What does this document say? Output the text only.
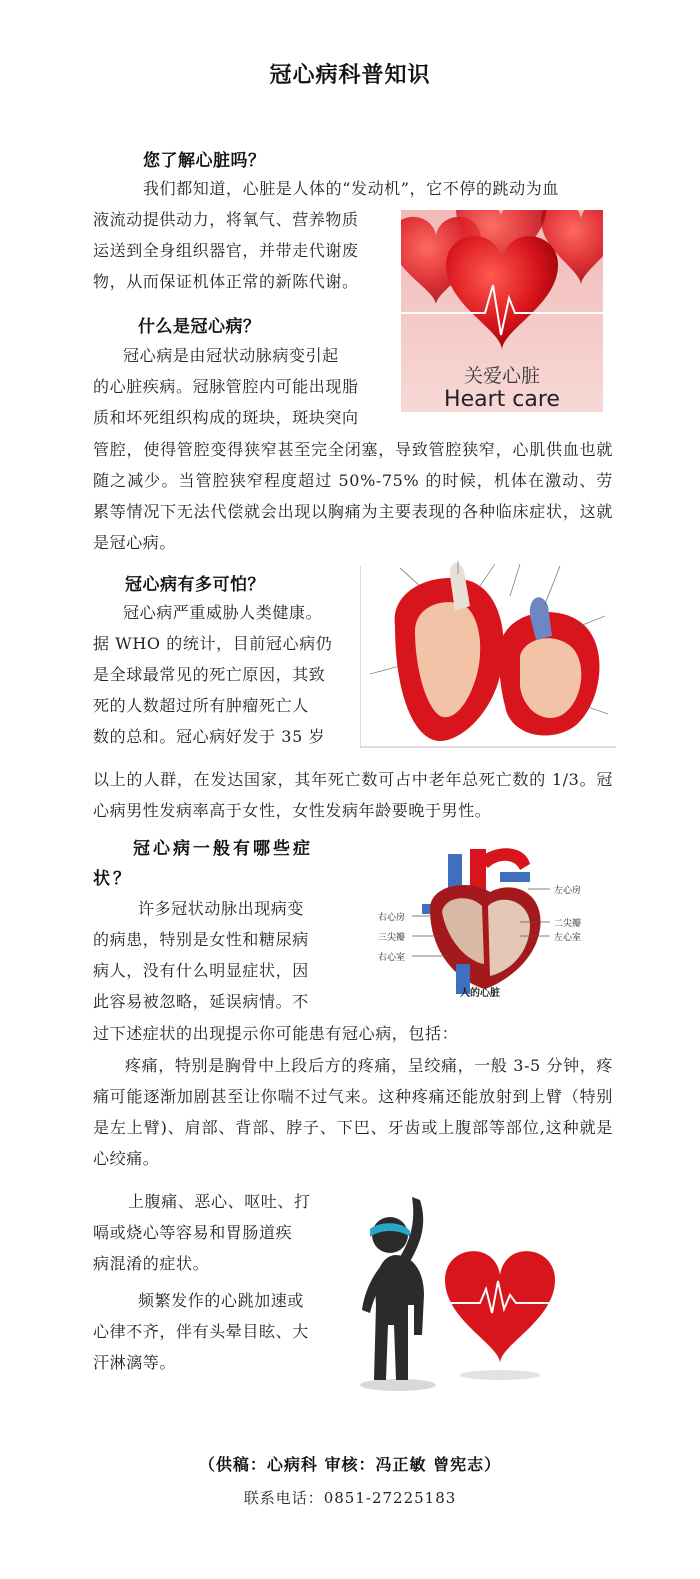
冠心病科普知识
您了解心脏吗？
我们都知道，心脏是人体的“发动机”，它不停的跳动为血
液流动提供动力，将氧气、营养物质
运送到全身组织器官，并带走代谢废
物，从而保证机体正常的新陈代谢。
关爱心脏
Heart care
什么是冠心病？
冠心病是由冠状动脉病变引起
的心脏疾病。冠脉管腔内可能出现脂
质和坏死组织构成的斑块，斑块突向
管腔，使得管腔变得狭窄甚至完全闭塞，导致管腔狭窄，心肌供血也就随之减少。当管腔狭窄程度超过 50%-75% 的时候，机体在激动、劳累等情况下无法代偿就会出现以胸痛为主要表现的各种临床症状，这就是冠心病。
冠心病有多可怕？
冠心病严重威胁人类健康。
据 WHO 的统计，目前冠心病仍
是全球最常见的死亡原因，其致
死的人数超过所有肿瘤死亡人
数的总和。冠心病好发于 35 岁
以上的人群，在发达国家，其年死亡数可占中老年总死亡数的 1/3。冠心病男性发病率高于女性，女性发病年龄要晚于男性。
冠心病一般有哪些症
状？
许多冠状动脉出现病变
的病患，特别是女性和糖尿病
病人，没有什么明显症状，因
此容易被忽略，延误病情。不
过下述症状的出现提示你可能患有冠心病，包括：
疼痛，特别是胸骨中上段后方的疼痛，呈绞痛，一般 3-5 分钟，疼痛可能逐渐加剧甚至让你喘不过气来。这种疼痛还能放射到上臂（特别是左上臂)、肩部、背部、脖子、下巴、牙齿或上腹部等部位,这种就是心绞痛。
上腹痛、恶心、呕吐、打
嗝或烧心等容易和胃肠道疾
病混淆的症状。
频繁发作的心跳加速或
心律不齐，伴有头晕目眩、大
汗淋漓等。
左心房
右心房
二尖瓣
三尖瓣	左心室
右心室
人的心脏
（供稿：心病科 审核：冯正敏 曾宪志）
联系电话：0851-27225183
